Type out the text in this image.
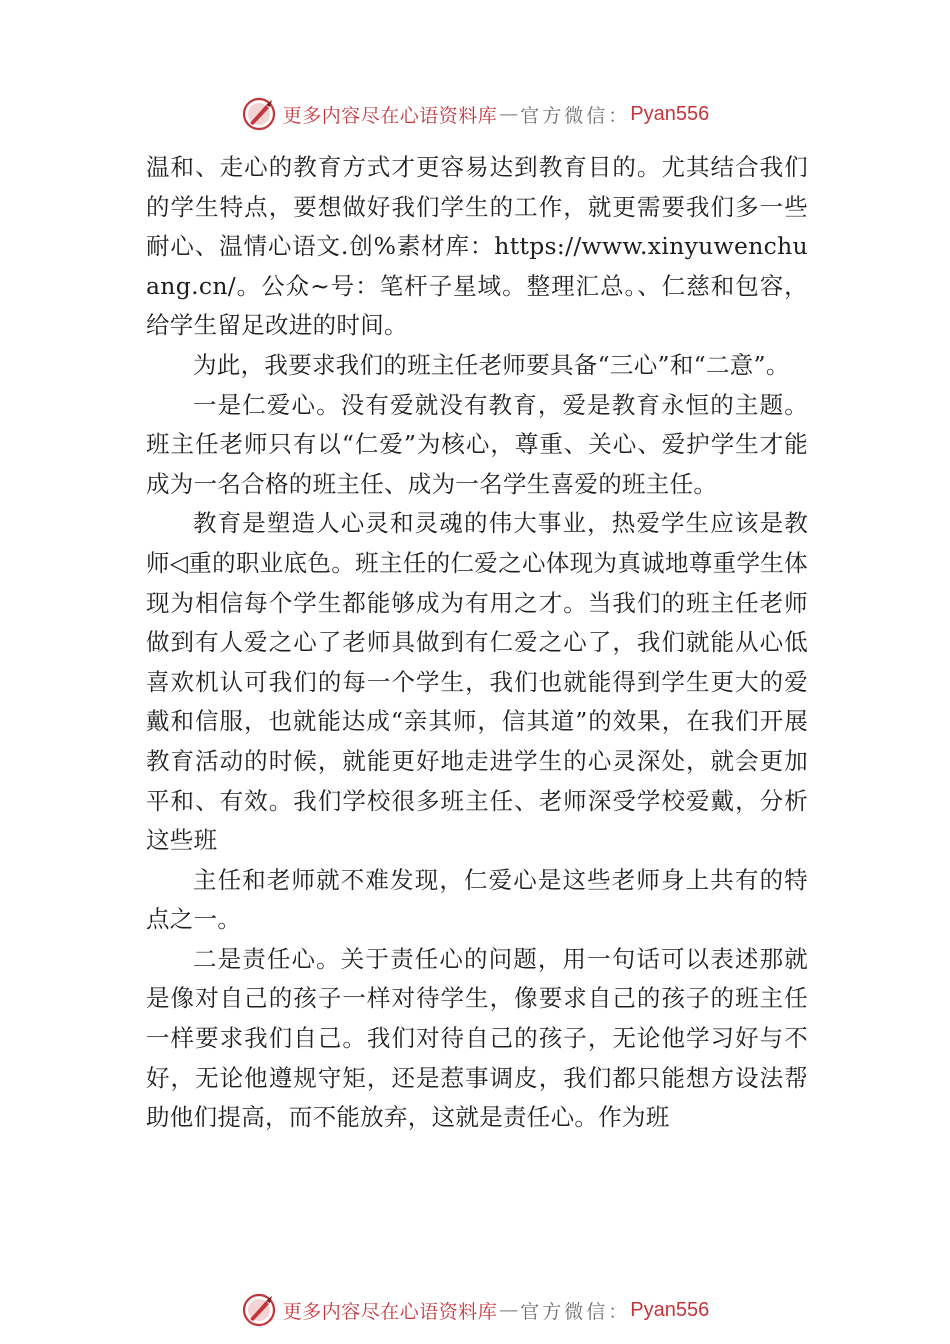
更多内容尽在心语资料库 — 官方微信： Pyan556

温和、走心的教育方式才更容易达到教育目的。尤其结合我们的学生特点，要想做好我们学生的工作，就更需要我们多一些耐心、温情心语文.创%素材库：https://www.xinyuwenchuang.cn/。公众~号：笔杆子星域。整理汇总。、仁慈和包容，给学生留足改进的时间。

为此，我要求我们的班主任老师要具备“三心”和“二意”。

一是仁爱心。没有爱就没有教育，爱是教育永恒的主题。班主任老师只有以“仁爱”为核心，尊重、关心、爱护学生才能成为一名合格的班主任、成为一名学生喜爱的班主任。

教育是塑造人心灵和灵魂的伟大事业，热爱学生应该是教师◁重的职业底色。班主任的仁爱之心体现为真诚地尊重学生体现为相信每个学生都能够成为有用之才。当我们的班主任老师做到有人爱之心了老师具做到有仁爱之心了，我们就能从心低喜欢机认可我们的每一个学生，我们也就能得到学生更大的爱戴和信服，也就能达成“亲其师，信其道”的效果，在我们开展教育活动的时候，就能更好地走进学生的心灵深处，就会更加平和、有效。我们学校很多班主任、老师深受学校爱戴，分析这些班

主任和老师就不难发现，仁爱心是这些老师身上共有的特点之一。

二是责任心。关于责任心的问题，用一句话可以表述那就是像对自己的孩子一样对待学生，像要求自己的孩子的班主任一样要求我们自己。我们对待自己的孩子，无论他学习好与不好，无论他遵规守矩，还是惹事调皮，我们都只能想方设法帮助他们提高，而不能放弃，这就是责任心。作为班

更多内容尽在心语资料库 — 官方微信： Pyan556
